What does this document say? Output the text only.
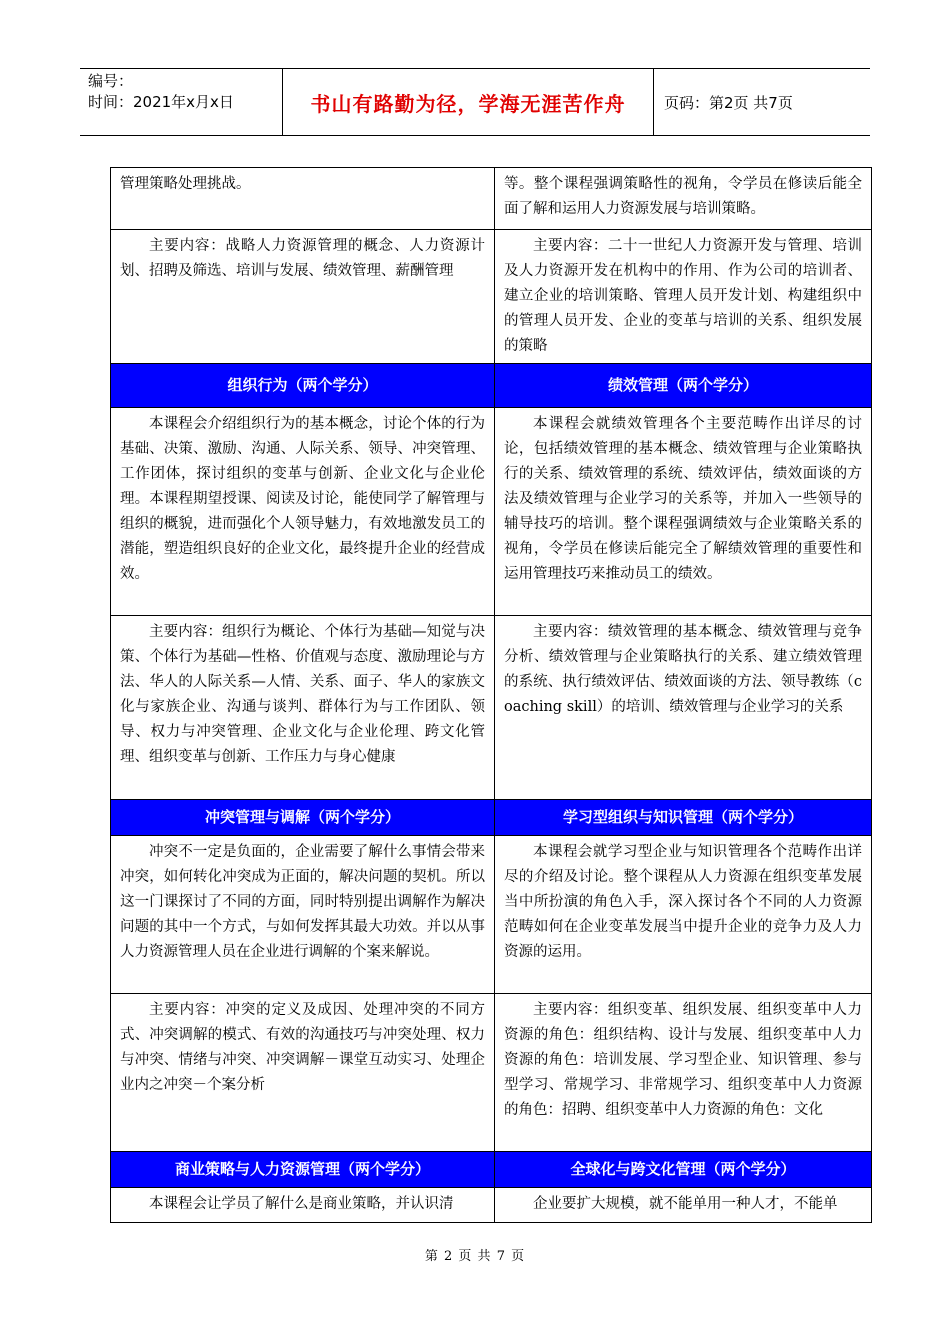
编号：
时间：2021年x月x日	书山有路勤为径，学海无涯苦作舟	页码：第2页 共7页
管理策略处理挑战。	等。整个课程强调策略性的视角，令学员在修读后能全面了解和运用人力资源发展与培训策略。
主要内容：战略人力资源管理的概念、人力资源计划、招聘及筛选、培训与发展、绩效管理、薪酬管理	主要内容：二十一世纪人力资源开发与管理、培训及人力资源开发在机构中的作用、作为公司的培训者、建立企业的培训策略、管理人员开发计划、构建组织中的管理人员开发、企业的变革与培训的关系、组织发展的策略
组织行为（两个学分）	绩效管理（两个学分）
本课程会介绍组织行为的基本概念，讨论个体的行为基础、决策、激励、沟通、人际关系、领导、冲突管理、工作团体，探讨组织的变革与创新、企业文化与企业伦理。本课程期望授课、阅读及讨论，能使同学了解管理与组织的概貌，进而强化个人领导魅力，有效地激发员工的潜能，塑造组织良好的企业文化，最终提升企业的经营成效。	本课程会就绩效管理各个主要范畴作出详尽的讨论，包括绩效管理的基本概念、绩效管理与企业策略执行的关系、绩效管理的系统、绩效评估，绩效面谈的方法及绩效管理与企业学习的关系等，并加入一些领导的辅导技巧的培训。整个课程强调绩效与企业策略关系的视角，令学员在修读后能完全了解绩效管理的重要性和运用管理技巧来推动员工的绩效。
主要内容：组织行为概论、个体行为基础—知觉与决策、个体行为基础—性格、价值观与态度、激励理论与方法、华人的人际关系—人情、关系、面子、华人的家族文化与家族企业、沟通与谈判、群体行为与工作团队、领导、权力与冲突管理、企业文化与企业伦理、跨文化管理、组织变革与创新、工作压力与身心健康	主要内容：绩效管理的基本概念、绩效管理与竞争分析、绩效管理与企业策略执行的关系、建立绩效管理的系统、执行绩效评估、绩效面谈的方法、领导教练（coaching skill）的培训、绩效管理与企业学习的关系
冲突管理与调解（两个学分）	学习型组织与知识管理（两个学分）
冲突不一定是负面的，企业需要了解什么事情会带来冲突，如何转化冲突成为正面的，解决问题的契机。所以这一门课探讨了不同的方面，同时特别提出调解作为解决问题的其中一个方式，与如何发挥其最大功效。并以从事人力资源管理人员在企业进行调解的个案来解说。	本课程会就学习型企业与知识管理各个范畴作出详尽的介绍及讨论。整个课程从人力资源在组织变革发展当中所扮演的角色入手，深入探讨各个不同的人力资源范畴如何在企业变革发展当中提升企业的竞争力及人力资源的运用。
主要内容：冲突的定义及成因、处理冲突的不同方式、冲突调解的模式、有效的沟通技巧与冲突处理、权力与冲突、情绪与冲突、冲突调解－课堂互动实习、处理企业内之冲突－个案分析	主要内容：组织变革、组织发展、组织变革中人力资源的角色：组织结构、设计与发展、组织变革中人力资源的角色：培训发展、学习型企业、知识管理、参与型学习、常规学习、非常规学习、组织变革中人力资源的角色：招聘、组织变革中人力资源的角色：文化
商业策略与人力资源管理（两个学分）	全球化与跨文化管理（两个学分）
本课程会让学员了解什么是商业策略，并认识清	企业要扩大规模，就不能单用一种人才，不能单
第 2 页 共 7 页
